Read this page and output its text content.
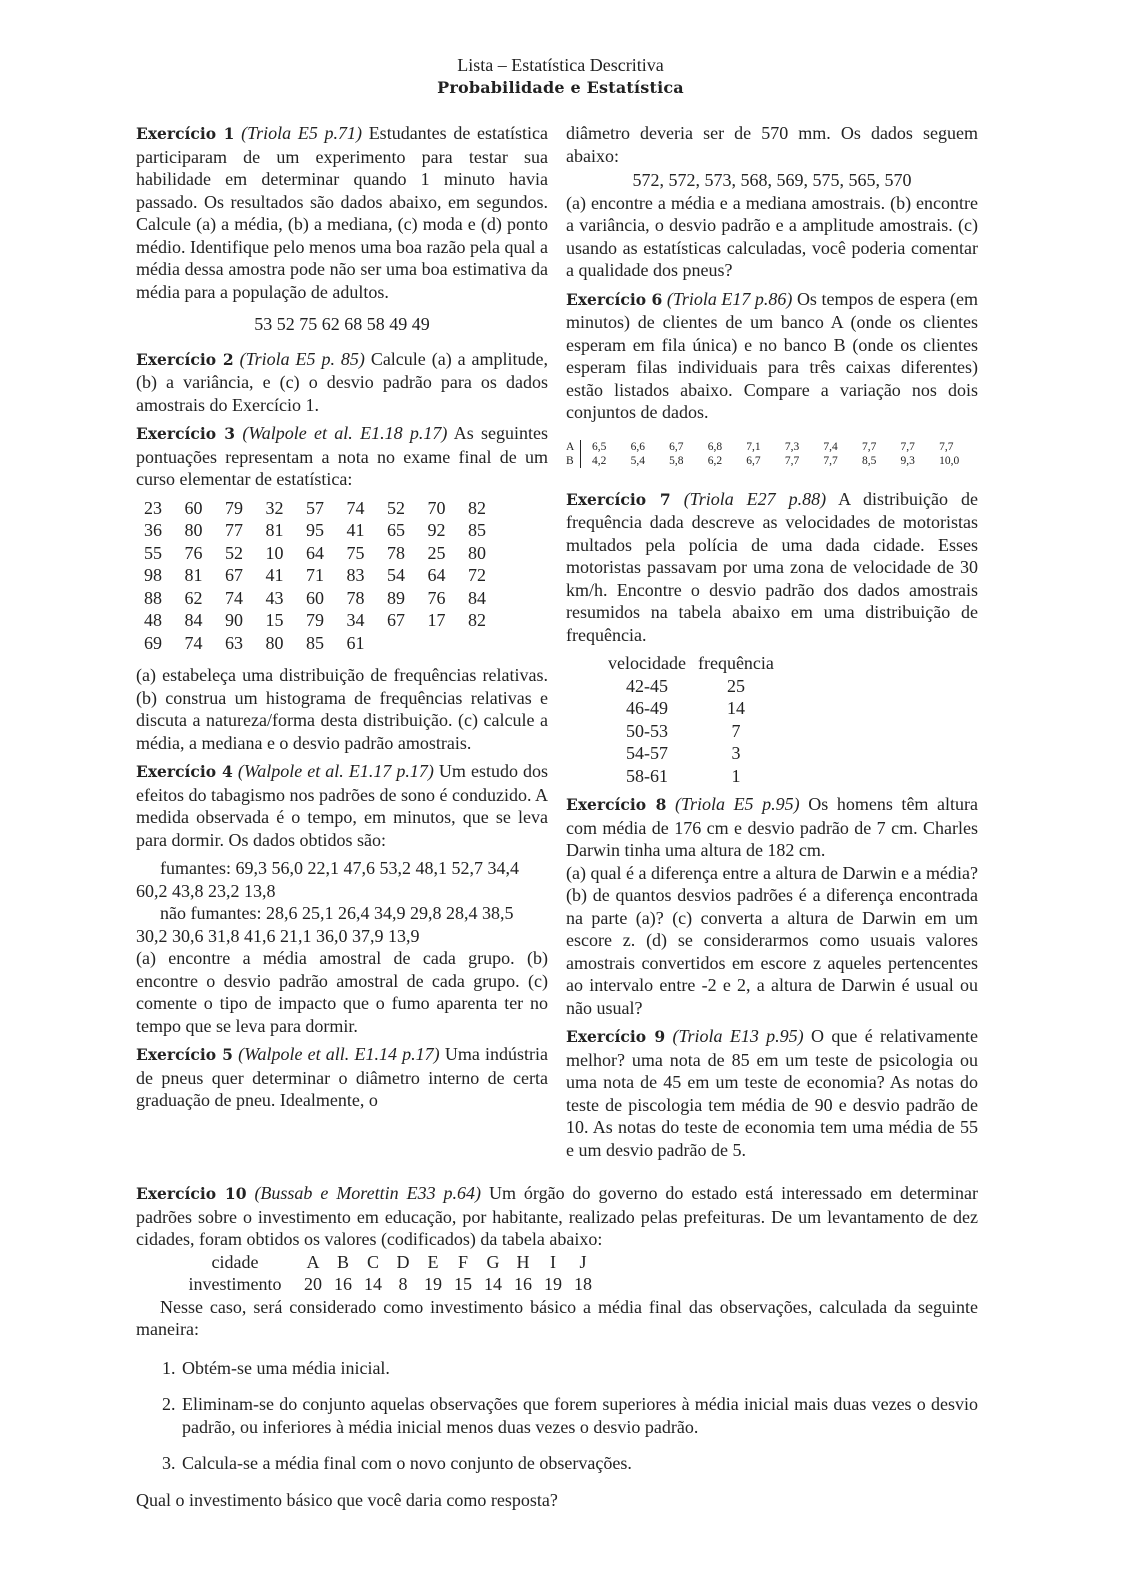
Lista – Estatística Descritiva
Probabilidade e Estatística

Exercício 1 (Triola E5 p.71) Estudantes de estatística participaram de um experimento para testar sua habilidade em determinar quando 1 minuto havia passado. Os resultados são dados abaixo, em segundos. Calcule (a) a média, (b) a mediana, (c) moda e (d) ponto médio. Identifique pelo menos uma boa razão pela qual a média dessa amostra pode não ser uma boa estimativa da média para a população de adultos.

53 52 75 62 68 58 49 49

Exercício 2 (Triola E5 p. 85) Calcule (a) a amplitude, (b) a variância, e (c) o desvio padrão para os dados amostrais do Exercício 1.

Exercício 3 (Walpole et al. E1.18 p.17) As seguintes pontuações representam a nota no exame final de um curso elementar de estatística:

23	60	79	32	57	74	52	70	82
36	80	77	81	95	41	65	92	85
55	76	52	10	64	75	78	25	80
98	81	67	41	71	83	54	64	72
88	62	74	43	60	78	89	76	84
48	84	90	15	79	34	67	17	82
69	74	63	80	85	61			

(a) estabeleça uma distribuição de frequências relativas. (b) construa um histograma de frequências relativas e discuta a natureza/forma desta distribuição. (c) calcule a média, a mediana e o desvio padrão amostrais.

Exercício 4 (Walpole et al. E1.17 p.17) Um estudo dos efeitos do tabagismo nos padrões de sono é conduzido. A medida observada é o tempo, em minutos, que se leva para dormir. Os dados obtidos são:

fumantes: 69,3 56,0 22,1 47,6 53,2 48,1 52,7 34,4 60,2 43,8 23,2 13,8

não fumantes: 28,6 25,1 26,4 34,9 29,8 28,4 38,5 30,2 30,6 31,8 41,6 21,1 36,0 37,9 13,9

(a) encontre a média amostral de cada grupo. (b) encontre o desvio padrão amostral de cada grupo. (c) comente o tipo de impacto que o fumo aparenta ter no tempo que se leva para dormir.

Exercício 5 (Walpole et all. E1.14 p.17) Uma indústria de pneus quer determinar o diâmetro interno de certa graduação de pneu. Idealmente, o

diâmetro deveria ser de 570 mm. Os dados seguem abaixo:

572, 572, 573, 568, 569, 575, 565, 570

(a) encontre a média e a mediana amostrais. (b) encontre a variância, o desvio padrão e a amplitude amostrais. (c) usando as estatísticas calculadas, você poderia comentar a qualidade dos pneus?

Exercício 6 (Triola E17 p.86) Os tempos de espera (em minutos) de clientes de um banco A (onde os clientes esperam em fila única) e no banco B (onde os clientes esperam filas individuais para três caixas diferentes) estão listados abaixo. Compare a variação nos dois conjuntos de dados.

A		6,5	6,6	6,7	6,8	7,1	7,3	7,4	7,7	7,7	7,7
B		4,2	5,4	5,8	6,2	6,7	7,7	7,7	8,5	9,3	10,0

Exercício 7 (Triola E27 p.88) A distribuição de frequência dada descreve as velocidades de motoristas multados pela polícia de uma dada cidade. Esses motoristas passavam por uma zona de velocidade de 30 km/h. Encontre o desvio padrão dos dados amostrais resumidos na tabela abaixo em uma distribuição de frequência.

velocidade	frequência
42-45	25
46-49	14
50-53	7
54-57	3
58-61	1

Exercício 8 (Triola E5 p.95) Os homens têm altura com média de 176 cm e desvio padrão de 7 cm. Charles Darwin tinha uma altura de 182 cm.

(a) qual é a diferença entre a altura de Darwin e a média? (b) de quantos desvios padrões é a diferença encontrada na parte (a)? (c) converta a altura de Darwin em um escore z. (d) se considerarmos como usuais valores amostrais convertidos em escore z aqueles pertencentes ao intervalo entre -2 e 2, a altura de Darwin é usual ou não usual?

Exercício 9 (Triola E13 p.95) O que é relativamente melhor? uma nota de 85 em um teste de psicologia ou uma nota de 45 em um teste de economia? As notas do teste de piscologia tem média de 90 e desvio padrão de 10. As notas do teste de economia tem uma média de 55 e um desvio padrão de 5.

Exercício 10 (Bussab e Morettin E33 p.64) Um órgão do governo do estado está interessado em determinar padrões sobre o investimento em educação, por habitante, realizado pelas prefeituras. De um levantamento de dez cidades, foram obtidos os valores (codificados) da tabela abaixo:

cidade	A	B	C	D	E	F	G	H	I	J
investimento	20	16	14	8	19	15	14	16	19	18

Nesse caso, será considerado como investimento básico a média final das observações, calculada da seguinte maneira:

1. Obtém-se uma média inicial.
2. Eliminam-se do conjunto aquelas observações que forem superiores à média inicial mais duas vezes o desvio padrão, ou inferiores à média inicial menos duas vezes o desvio padrão.
3. Calcula-se a média final com o novo conjunto de observações.

Qual o investimento básico que você daria como resposta?
